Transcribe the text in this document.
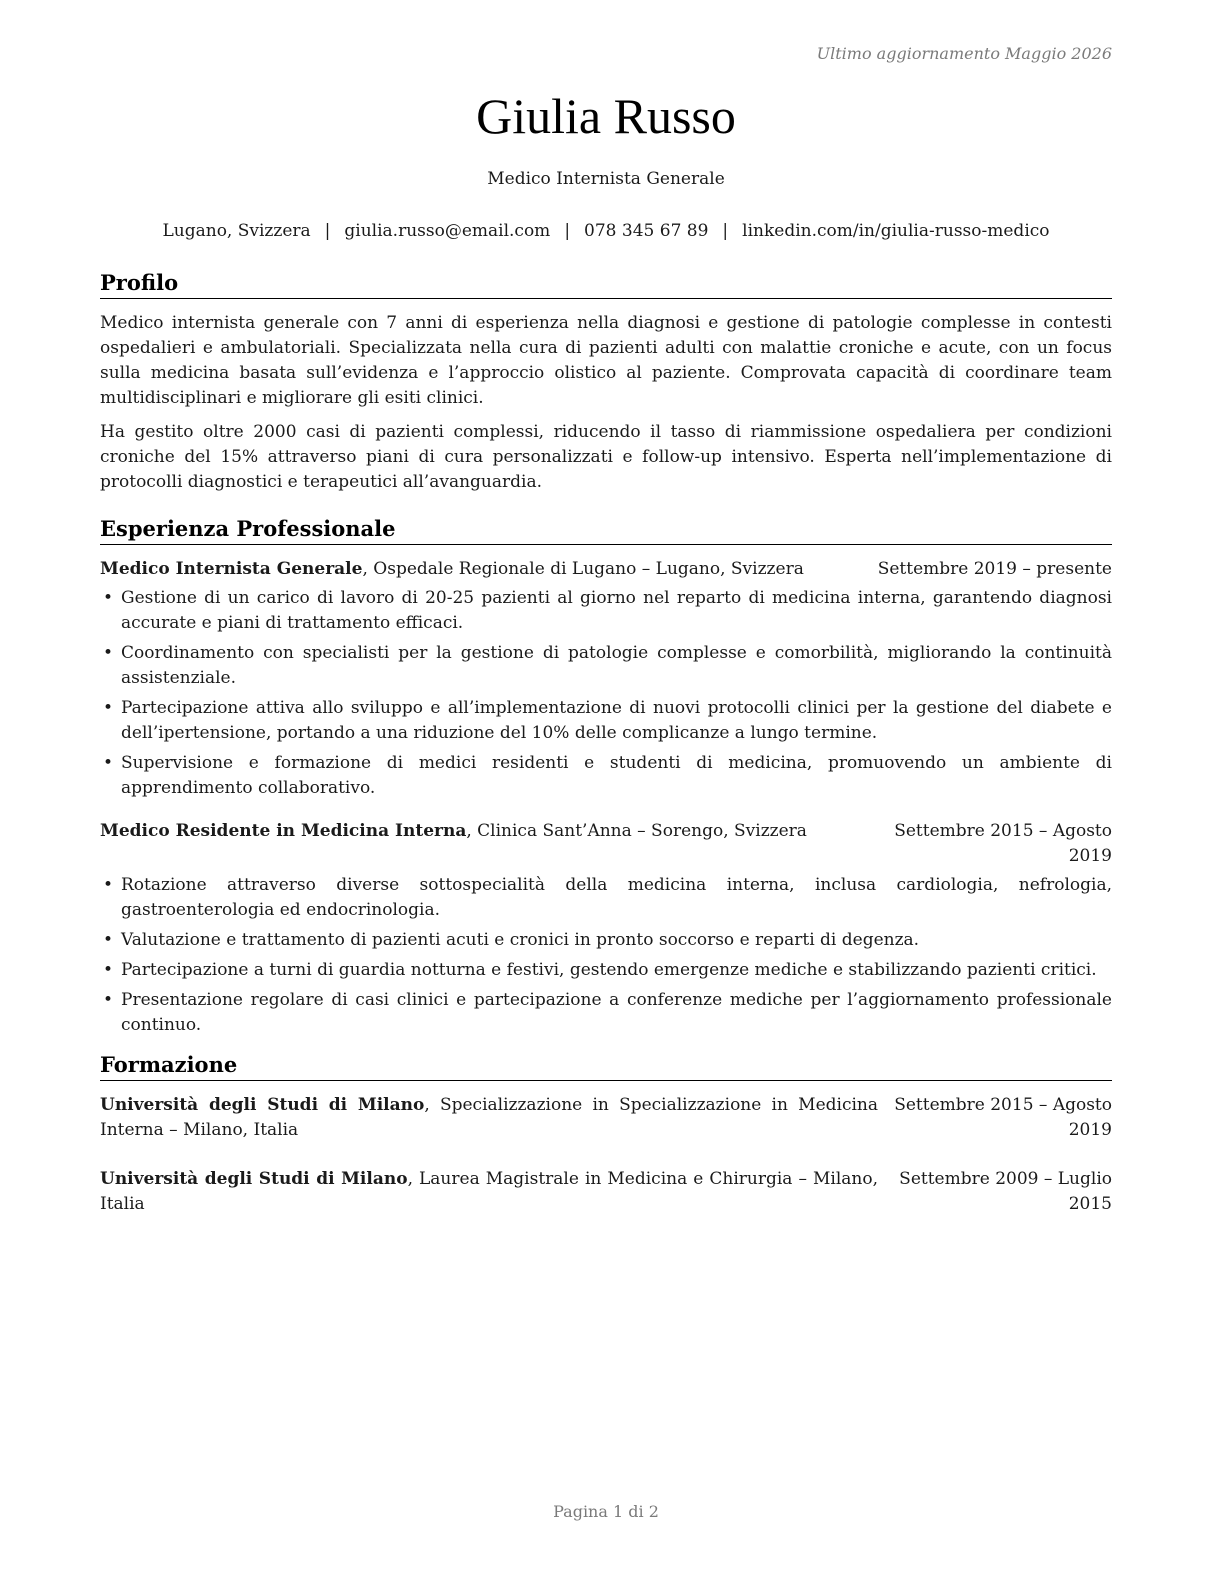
Ultimo aggiornamento Maggio 2026
Giulia Russo
Medico Internista Generale
Lugano, Svizzera | giulia.russo@email.com | 078 345 67 89 | linkedin.com/in/giulia-russo-medico
Profilo

Medico internista generale con 7 anni di esperienza nella diagnosi e gestione di patologie complesse in contesti ospedalieri e ambulatoriali. Specializzata nella cura di pazienti adulti con malattie croniche e acute, con un focus sulla medicina basata sull’evidenza e l’approccio olistico al paziente. Comprovata capacità di coordinare team multidisciplinari e migliorare gli esiti clinici.

Ha gestito oltre 2000 casi di pazienti complessi, riducendo il tasso di riammissione ospedaliera per condizioni croniche del 15% attraverso piani di cura personalizzati e follow-up intensivo. Esperta nell’implementazione di protocolli diagnostici e terapeutici all’avanguardia.

Esperienza Professionale
Medico Internista Generale, Ospedale Regionale di Lugano – Lugano, Svizzera	Settembre 2019 – presente
• Gestione di un carico di lavoro di 20-25 pazienti al giorno nel reparto di medicina interna, garantendo diagnosi accurate e piani di trattamento efficaci.
• Coordinamento con specialisti per la gestione di patologie complesse e comorbilità, migliorando la continuità assistenziale.
• Partecipazione attiva allo sviluppo e all’implementazione di nuovi protocolli clinici per la gestione del diabete e dell’ipertensione, portando a una riduzione del 10% delle complicanze a lungo termine.
• Supervisione e formazione di medici residenti e studenti di medicina, promuovendo un ambiente di apprendimento collaborativo.
Medico Residente in Medicina Interna, Clinica Sant’Anna – Sorengo, Svizzera	Settembre 2015 – Agosto 2019
• Rotazione attraverso diverse sottospecialità della medicina interna, inclusa cardiologia, nefrologia, gastroenterologia ed endocrinologia.
• Valutazione e trattamento di pazienti acuti e cronici in pronto soccorso e reparti di degenza.
• Partecipazione a turni di guardia notturna e festivi, gestendo emergenze mediche e stabilizzando pazienti critici.
• Presentazione regolare di casi clinici e partecipazione a conferenze mediche per l’aggiornamento professionale continuo.
Formazione
Università degli Studi di Milano, Specializzazione in Specializzazione in Medicina Interna – Milano, Italia
Settembre 2015 – Agosto 2019
Università degli Studi di Milano, Laurea Magistrale in Medicina e Chirurgia – Milano, Italia
Settembre 2009 – Luglio 2015
Pagina 1 di 2
